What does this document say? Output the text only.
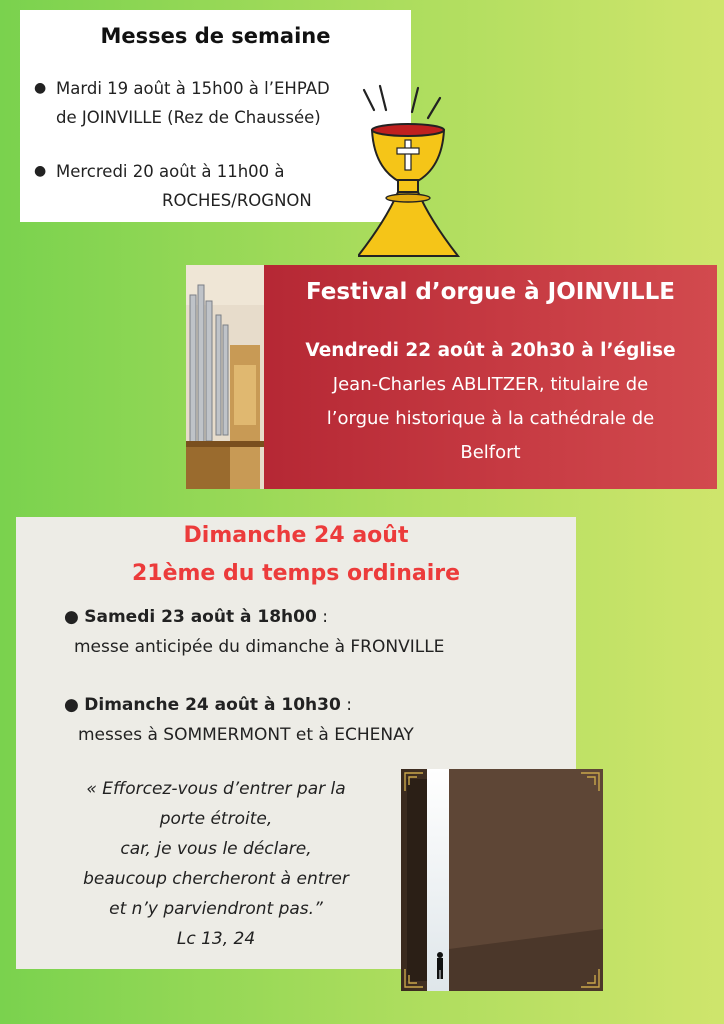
Messes de semaine
● Mardi 19 août à 15h00 à l’EHPAD
de JOINVILLE (Rez de Chaussée)
● Mercredi 20 août à 11h00 à
ROCHES/ROGNON
Festival d’orgue à JOINVILLE
Vendredi 22 août à 20h30 à l’église
Jean-Charles ABLITZER, titulaire de
l’orgue historique à la cathédrale de
Belfort
Dimanche 24 août
21ème du temps ordinaire
● Samedi 23 août à 18h00 :
messe anticipée du dimanche à FRONVILLE
● Dimanche 24 août à 10h30 :
messes à SOMMERMONT et à ECHENAY
« Efforcez-vous d’entrer par la
porte étroite,
car, je vous le déclare,
beaucoup chercheront à entrer
et n’y parviendront pas.”
Lc 13, 24
